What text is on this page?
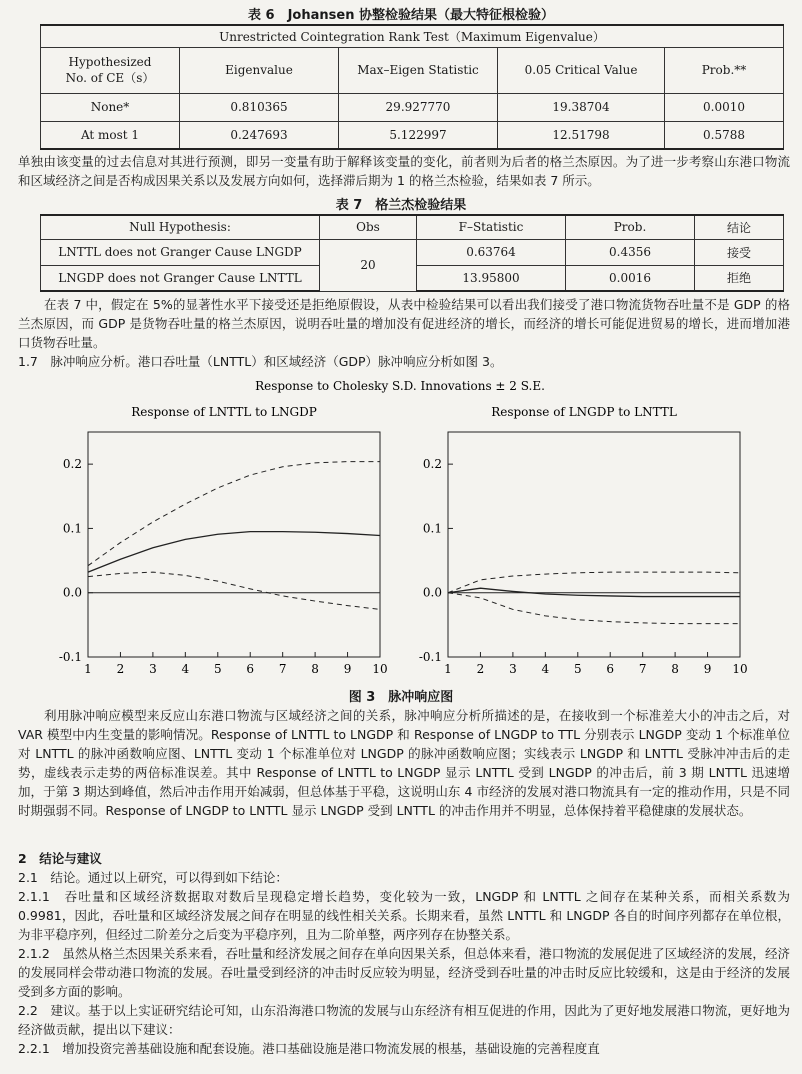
表 6　Johansen 协整检验结果（最大特征根检验）
Unrestricted Cointegration Rank Test（Maximum Eigenvalue）				
Hypothesized
No. of CE（s）	Eigenvalue	Max–Eigen Statistic	0.05 Critical Value	Prob.**
None*	0.810365	29.927770	19.38704	0.0010
At most 1	0.247693	5.122997	12.51798	0.5788
单独由该变量的过去信息对其进行预测，即另一变量有助于解释该变量的变化，前者则为后者的格兰杰原因。为了进一步考察山东港口物流和区域经济之间是否构成因果关系以及发展方向如何，选择滞后期为 1 的格兰杰检验，结果如表 7 所示。
表 7　格兰杰检验结果
Null Hypothesis:	Obs	F–Statistic	Prob.	结论
LNTTL does not Granger Cause LNGDP	20	0.63764	0.4356	接受
LNGDP does not Granger Cause LNTTL		13.95800	0.0016	拒绝
在表 7 中，假定在 5%的显著性水平下接受还是拒绝原假设，从表中检验结果可以看出我们接受了港口物流货物吞吐量不是 GDP 的格兰杰原因，而 GDP 是货物吞吐量的格兰杰原因，说明吞吐量的增加没有促进经济的增长，而经济的增长可能促进贸易的增长，进而增加港口货物吞吐量。
1.7　脉冲响应分析。港口吞吐量（LNTTL）和区域经济（GDP）脉冲响应分析如图 3。
Response to Cholesky S.D. Innovations ± 2 S.E.
Response of LNTTL to LNGDP
-0.1
0.0
0.1
0.2
1 2 3 4 5 6 7 8 9 10
Response of LNGDP to LNTTL
-0.1
0.0
0.1
0.2
1 2 3 4 5 6 7 8 9 10
图 3　脉冲响应图
利用脉冲响应模型来反应山东港口物流与区域经济之间的关系，脉冲响应分析所描述的是，在接收到一个标准差大小的冲击之后，对 VAR 模型中内生变量的影响情况。Response of LNTTL to LNGDP 和 Response of LNGDP to TTL 分别表示 LNGDP 变动 1 个标准单位对 LNTTL 的脉冲函数响应图、LNTTL 变动 1 个标准单位对 LNGDP 的脉冲函数响应图；实线表示 LNGDP 和 LNTTL 受脉冲冲击后的走势，虚线表示走势的两倍标准误差。其中 Response of LNTTL to LNGDP 显示 LNTTL 受到 LNGDP 的冲击后，前 3 期 LNTTL 迅速增加，于第 3 期达到峰值，然后冲击作用开始减弱，但总体基于平稳，这说明山东 4 市经济的发展对港口物流具有一定的推动作用，只是不同时期强弱不同。Response of LNGDP to LNTTL 显示 LNGDP 受到 LNTTL 的冲击作用并不明显，总体保持着平稳健康的发展状态。
2　结论与建议
2.1　结论。通过以上研究，可以得到如下结论：
2.1.1　吞吐量和区域经济数据取对数后呈现稳定增长趋势，变化较为一致，LNGDP 和 LNTTL 之间存在某种关系，而相关系数为 0.9981，因此，吞吐量和区域经济发展之间存在明显的线性相关关系。长期来看，虽然 LNTTL 和 LNGDP 各自的时间序列都存在单位根，为非平稳序列，但经过二阶差分之后变为平稳序列，且为二阶单整，两序列存在协整关系。
2.1.2　虽然从格兰杰因果关系来看，吞吐量和经济发展之间存在单向因果关系，但总体来看，港口物流的发展促进了区域经济的发展，经济的发展同样会带动港口物流的发展。吞吐量受到经济的冲击时反应较为明显，经济受到吞吐量的冲击时反应比较缓和，这是由于经济的发展受到多方面的影响。
2.2　建议。基于以上实证研究结论可知，山东沿海港口物流的发展与山东经济有相互促进的作用，因此为了更好地发展港口物流，更好地为经济做贡献，提出以下建议：
2.2.1　增加投资完善基础设施和配套设施。港口基础设施是港口物流发展的根基，基础设施的完善程度直
